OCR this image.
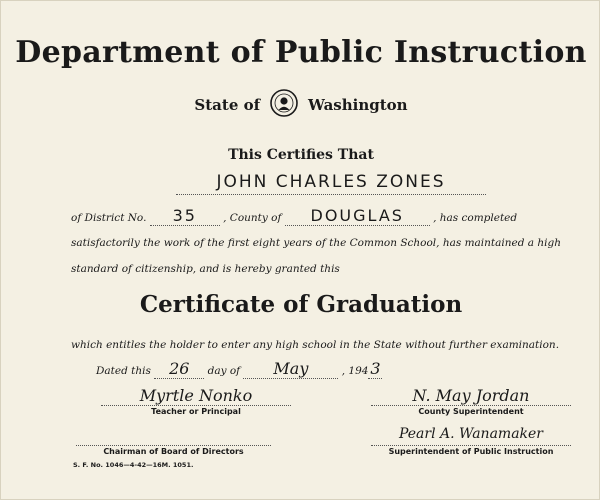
Department of Public Instruction
State of	Washington
This Certifies That
JOHN CHARLES ZONES
of District No. 35 , County of DOUGLAS	, has completed
satisfactorily the work of the first eight years of the Common School, has maintained a high
standard of citizenship, and is hereby granted this
Certificate of Graduation
which entitles the holder to enter any high school in the State without further examination.
Dated this 26 day of May	, 194 3
Myrtle Nonko
Teacher or Principal
N. May Jordan
County Superintendent
Chairman of Board of Directors
Pearl A. Wanamaker
Superintendent of Public Instruction
S. F. No. 1046—4-42—16M. 1051.
